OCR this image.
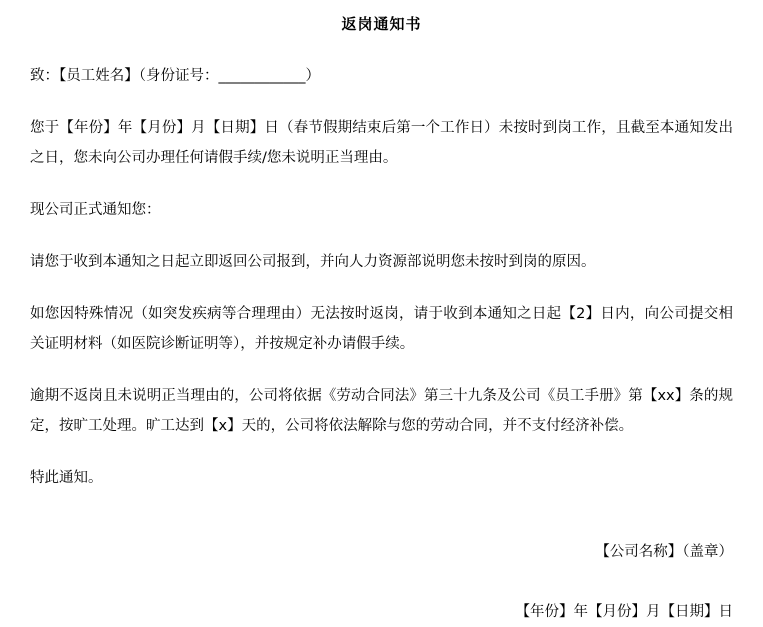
返岗通知书

致：【员工姓名】（身份证号：____________）

您于【年份】年【月份】月【日期】日（春节假期结束后第一个工作日）未按时到岗工作，且截至本通知发出之日，您未向公司办理任何请假手续/您未说明正当理由。

现公司正式通知您：

请您于收到本通知之日起立即返回公司报到，并向人力资源部说明您未按时到岗的原因。

如您因特殊情况（如突发疾病等合理理由）无法按时返岗，请于收到本通知之日起【2】日内，向公司提交相关证明材料（如医院诊断证明等），并按规定补办请假手续。

逾期不返岗且未说明正当理由的，公司将依据《劳动合同法》第三十九条及公司《员工手册》第【xx】条的规定，按旷工处理。旷工达到【x】天的，公司将依法解除与您的劳动合同，并不支付经济补偿。

特此通知。

【公司名称】（盖章）
【年份】年【月份】月【日期】日
